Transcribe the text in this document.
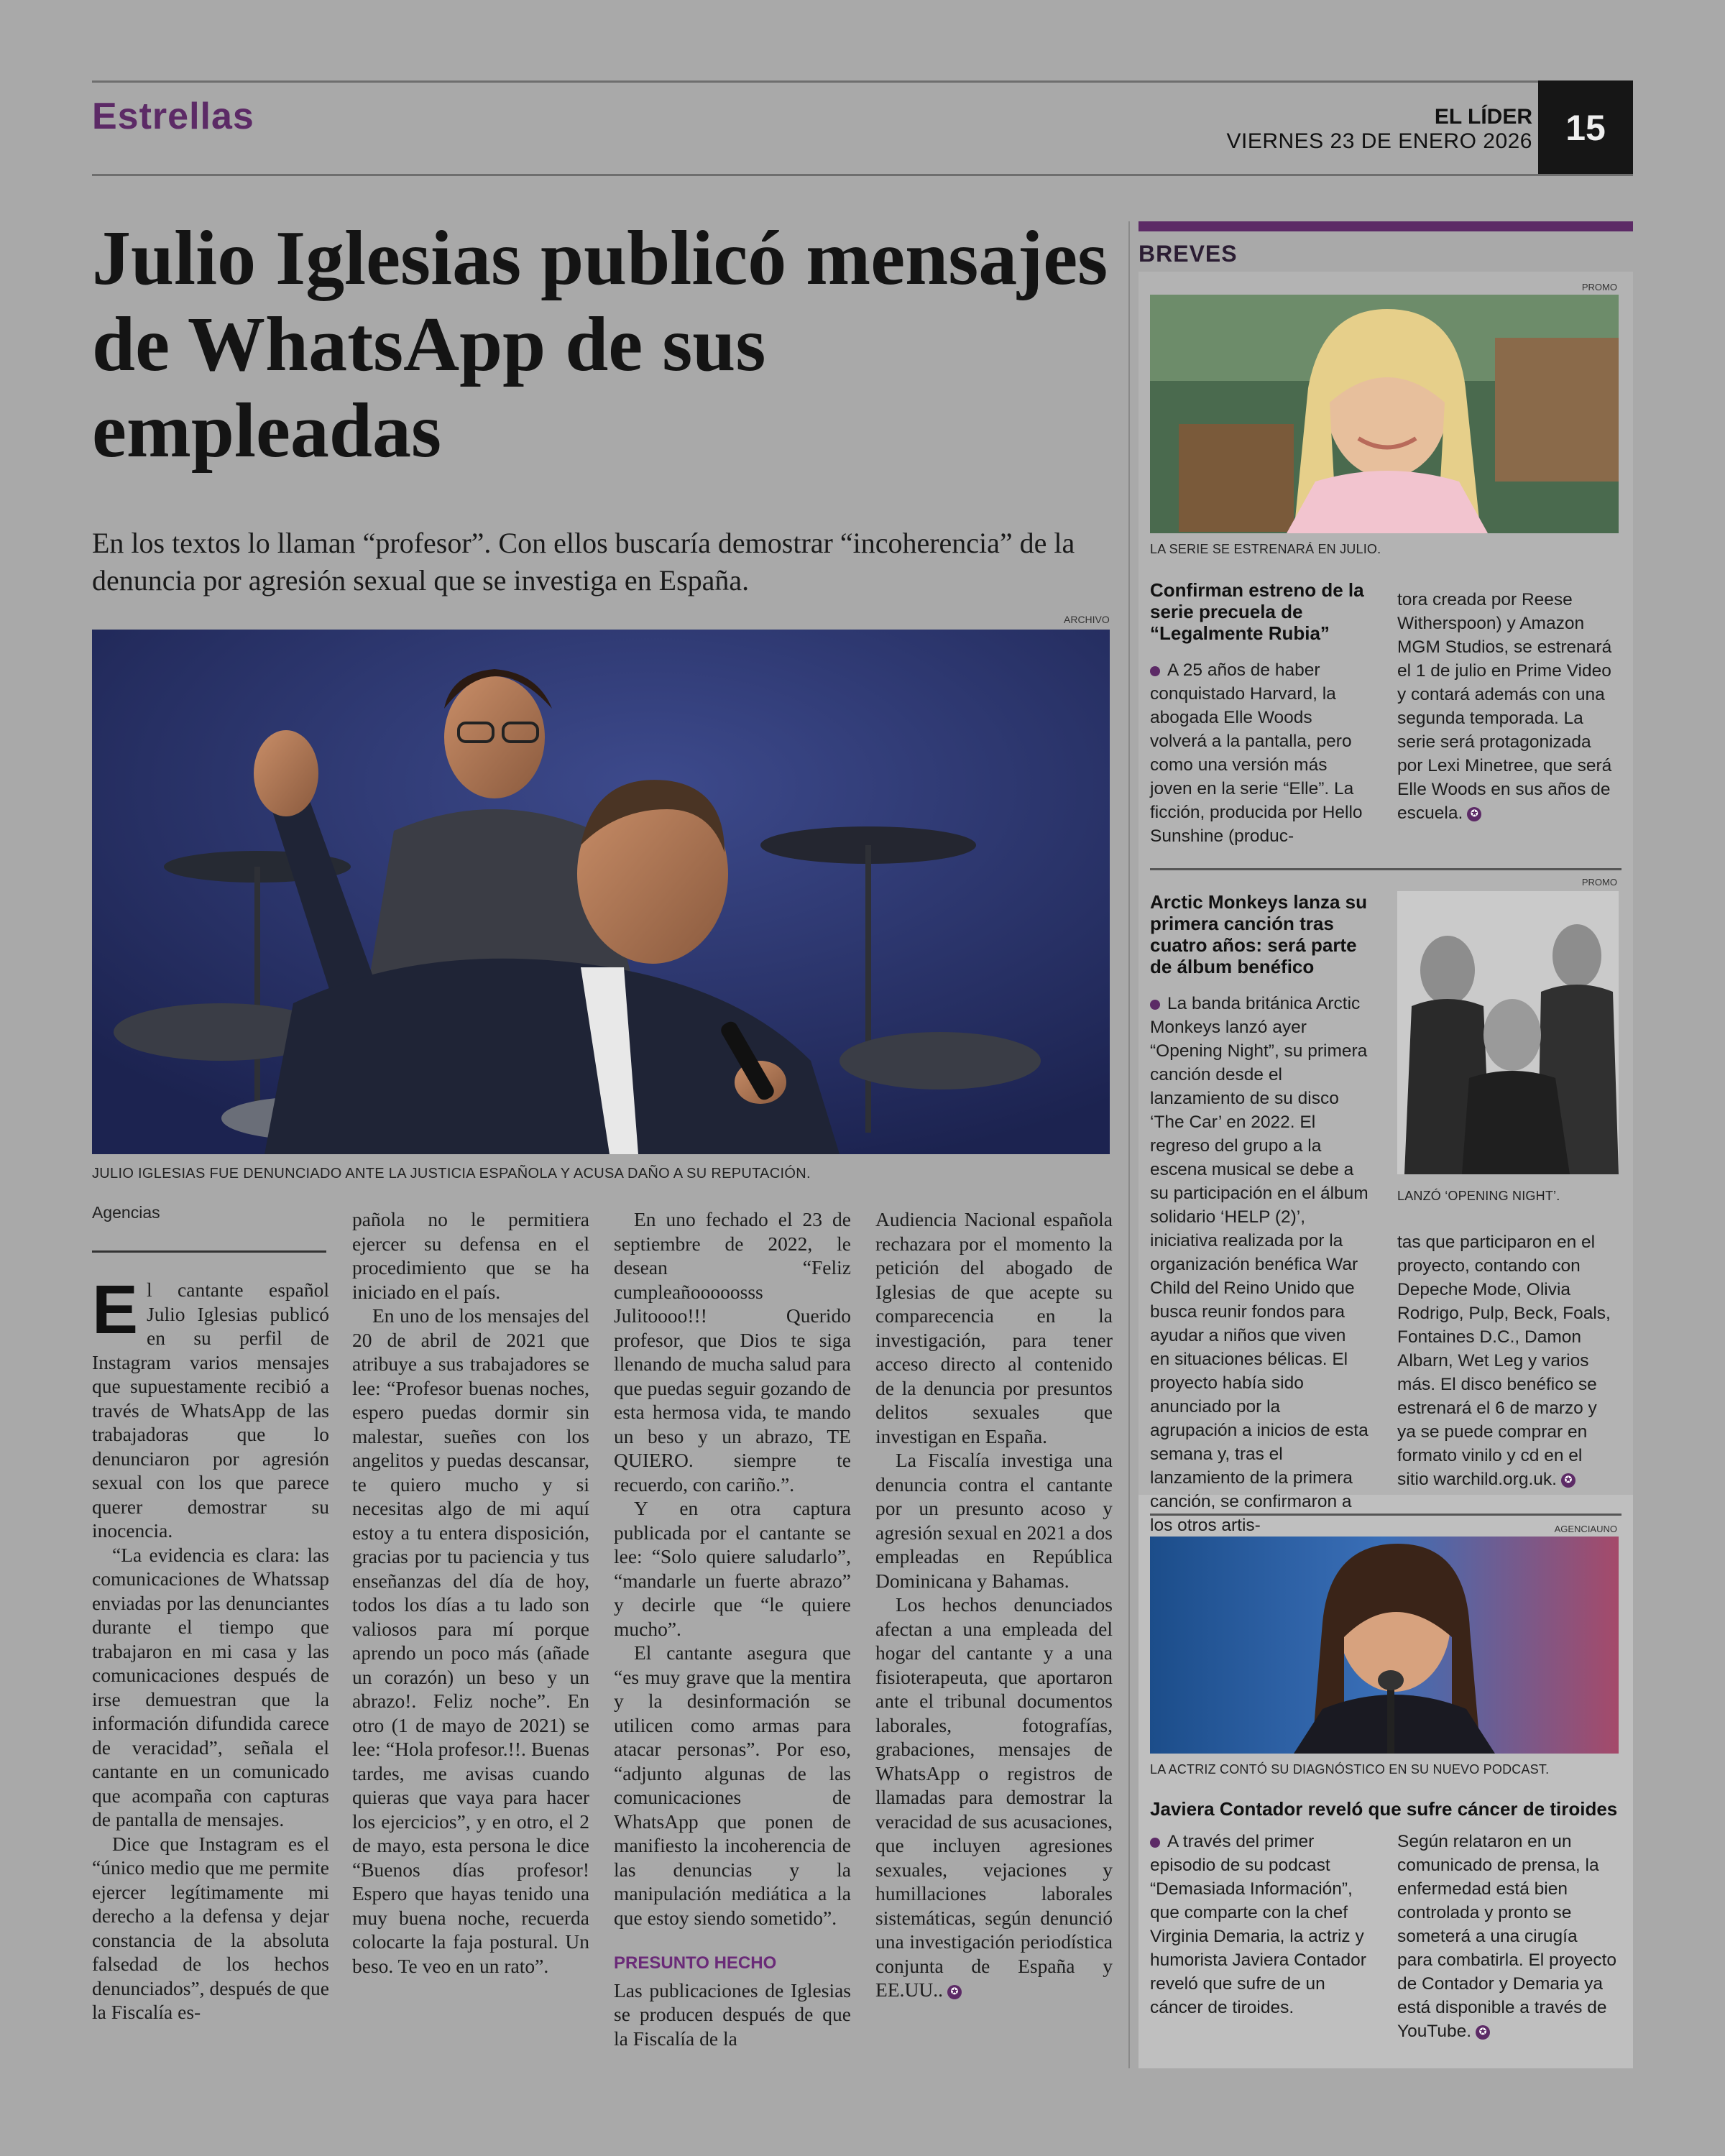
Estrellas	EL LÍDER
VIERNES 23 DE ENERO 2026 15
Julio Iglesias publicó mensajes de WhatsApp de sus empleadas

En los textos lo llaman “profesor”. Con ellos buscaría demostrar “incoherencia” de la denuncia por agresión sexual que se investiga en España.

ARCHIVO
JULIO IGLESIAS FUE DENUNCIADO ANTE LA JUSTICIA ESPAÑOLA Y ACUSA DAÑO A SU REPUTACIÓN.
Agencias

El cantante español Julio Iglesias publicó en su perfil de Instagram varios mensajes que supuestamente recibió a través de WhatsApp de las trabajadoras que lo denunciaron por agresión sexual con los que parece querer demostrar su inocencia.

“La evidencia es clara: las comunicaciones de Whatssap enviadas por las denunciantes durante el tiempo que trabajaron en mi casa y las comunicaciones después de irse demuestran que la información difundida carece de veracidad”, señala el cantante en un comunicado que acompaña con capturas de pantalla de mensajes.

Dice que Instagram es el “único medio que me permite ejercer legítimamente mi derecho a la defensa y dejar constancia de la absoluta falsedad de los hechos denunciados”, después de que la Fiscalía es-

pañola no le permitiera ejercer su defensa en el procedimiento que se ha iniciado en el país.

En uno de los mensajes del 20 de abril de 2021 que atribuye a sus trabajadores se lee: “Profesor buenas noches, espero puedas dormir sin malestar, sueñes con los angelitos y puedas descansar, te quiero mucho y si necesitas algo de mi aquí estoy a tu entera disposición, gracias por tu paciencia y tus enseñanzas del día de hoy, todos los días a tu lado son valiosos para mí porque aprendo un poco más (añade un corazón) un beso y un abrazo!. Feliz noche”. En otro (1 de mayo de 2021) se lee: “Hola profesor.!!. Buenas tardes, me avisas cuando quieras que vaya para hacer los ejercicios”, y en otro, el 2 de mayo, esta persona le dice “Buenos días profesor! Espero que hayas tenido una muy buena noche, recuerda colocarte la faja postural. Un beso. Te veo en un rato”.

En uno fechado el 23 de septiembre de 2022, le desean “Feliz cumpleañooooosss Julitoooo!!! Querido profesor, que Dios te siga llenando de mucha salud para que puedas seguir gozando de esta hermosa vida, te mando un beso y un abrazo, TE QUIERO. siempre te recuerdo, con cariño.”.

Y en otra captura publicada por el cantante se lee: “Solo quiere saludarlo”, “mandarle un fuerte abrazo” y decirle que “le quiere mucho”.

El cantante asegura que “es muy grave que la mentira y la desinformación se utilicen como armas para atacar personas”. Por eso, “adjunto algunas de las comunicaciones de WhatsApp que ponen de manifiesto la incoherencia de las denuncias y la manipulación mediática a la que estoy siendo sometido”.

PRESUNTO HECHO

Las publicaciones de Iglesias se producen después de que la Fiscalía de la

Audiencia Nacional española rechazara por el momento la petición del abogado de Iglesias de que acepte su comparecencia en la investigación, para tener acceso directo al contenido de la denuncia por presuntos delitos sexuales que investigan en España.

La Fiscalía investiga una denuncia contra el cantante por un presunto acoso y agresión sexual en 2021 a dos empleadas en República Dominicana y Bahamas.

Los hechos denunciados afectan a una empleada del hogar del cantante y a una fisioterapeuta, que aportaron ante el tribunal documentos laborales, fotografías, grabaciones, mensajes de WhatsApp o registros de llamadas para demostrar la veracidad de sus acusaciones, que incluyen agresiones sexuales, vejaciones y humillaciones laborales sistemáticas, según denunció una investigación periodística conjunta de España y EE.UU.. ✪

BREVES
PROMO
LA SERIE SE ESTRENARÁ EN JULIO.
Confirman estreno de la serie precuela de “Legalmente Rubia”
A 25 años de haber conquistado Harvard, la abogada Elle Woods volverá a la pantalla, pero como una versión más joven en la serie “Elle”. La ficción, producida por Hello Sunshine (produc-
tora creada por Reese Witherspoon) y Amazon MGM Studios, se estrenará el 1 de julio en Prime Video y contará además con una segunda temporada. La serie será protagonizada por Lexi Minetree, que será Elle Woods en sus años de escuela. ✪
PROMO
Arctic Monkeys lanza su primera canción tras cuatro años: será parte de álbum benéfico
La banda británica Arctic Monkeys lanzó ayer “Opening Night”, su primera canción desde el lanzamiento de su disco ‘The Car’ en 2022. El regreso del grupo a la escena musical se debe a su participación en el álbum solidario ‘HELP (2)’, iniciativa realizada por la organización benéfica War Child del Reino Unido que busca reunir fondos para ayudar a niños que viven en situaciones bélicas. El proyecto había sido anunciado por la agrupación a inicios de esta semana y, tras el lanzamiento de la primera canción, se confirmaron a los otros artis-
LANZÓ ‘OPENING NIGHT’.
tas que participaron en el proyecto, contando con Depeche Mode, Olivia Rodrigo, Pulp, Beck, Foals, Fontaines D.C., Damon Albarn, Wet Leg y varios más. El disco benéfico se estrenará el 6 de marzo y ya se puede comprar en formato vinilo y cd en el sitio warchild.org.uk. ✪
AGENCIAUNO
LA ACTRIZ CONTÓ SU DIAGNÓSTICO EN SU NUEVO PODCAST.
Javiera Contador reveló que sufre cáncer de tiroides
A través del primer episodio de su podcast “Demasiada Información”, que comparte con la chef Virginia Demaria, la actriz y humorista Javiera Contador reveló que sufre de un cáncer de tiroides.
Según relataron en un comunicado de prensa, la enfermedad está bien controlada y pronto se someterá a una cirugía para combatirla. El proyecto de Contador y Demaria ya está disponible a través de YouTube. ✪
